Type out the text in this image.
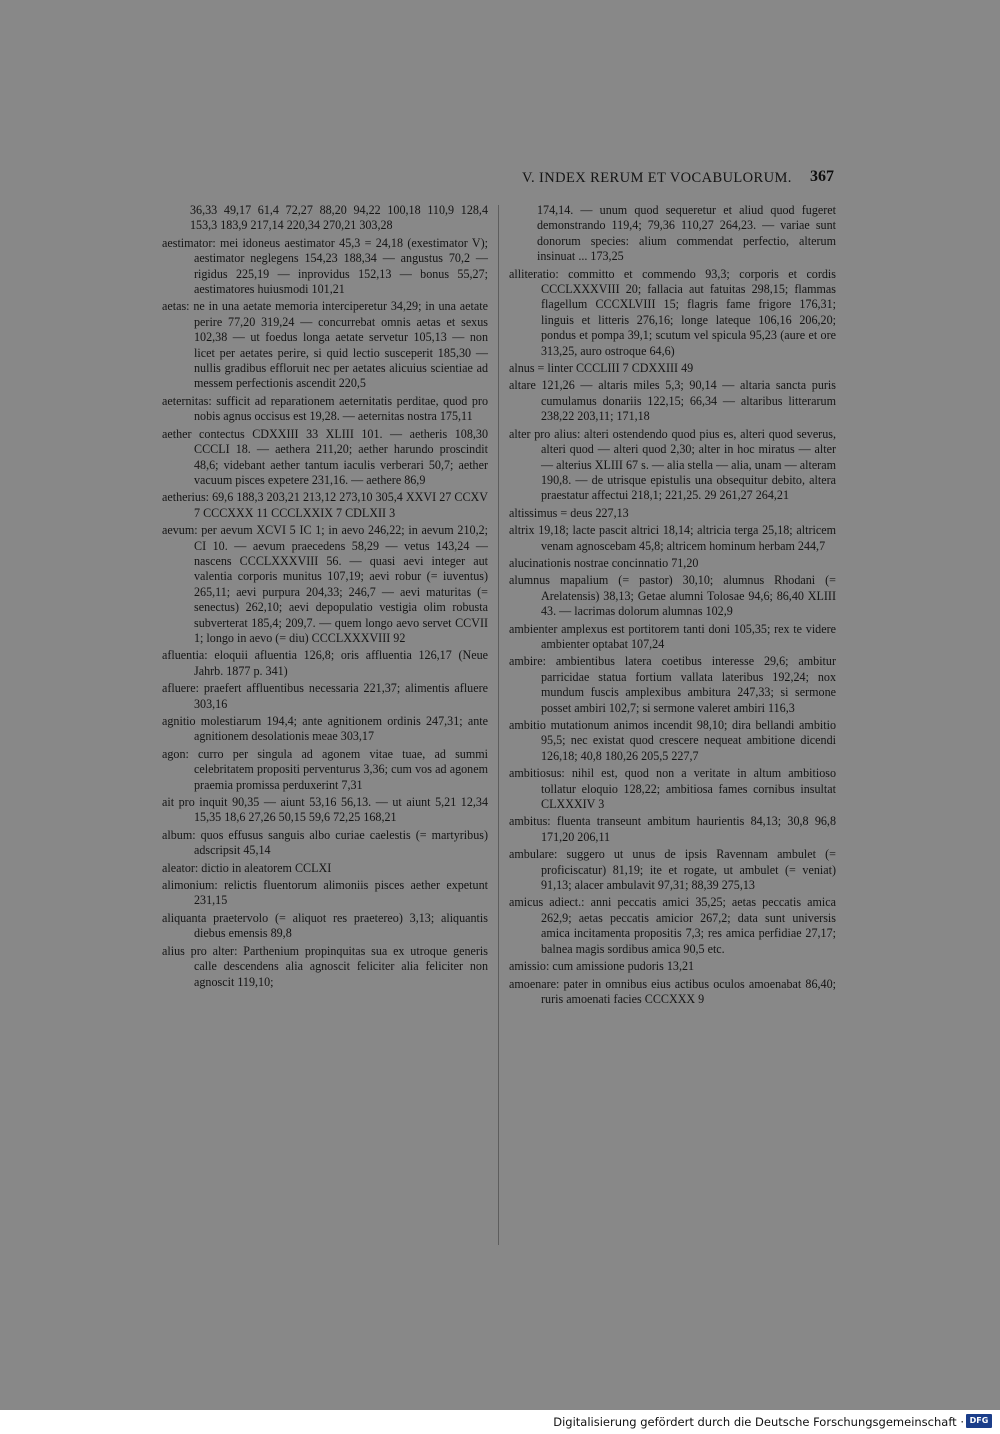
V. INDEX RERUM ET VOCABULORUM. 367

36,33 49,17 61,4 72,27 88,20 94,22 100,18 110,9 128,4 153,3 183,9 217,14 220,34 270,21 303,28

aestimator: mei idoneus aestimator 45,3 = 24,18 (exestimator V); aestimator neglegens 154,23 188,34 — angustus 70,2 — rigidus 225,19 — inprovidus 152,13 — bonus 55,27; aestimatores huiusmodi 101,21

aetas: ne in una aetate memoria interciperetur 34,29; in una aetate perire 77,20 319,24 — concurrebat omnis aetas et sexus 102,38 — ut foedus longa aetate servetur 105,13 — non licet per aetates perire, si quid lectio susceperit 185,30 — nullis gradibus effloruit nec per aetates alicuius scientiae ad messem perfectionis ascendit 220,5

aeternitas: sufficit ad reparationem aeternitatis perditae, quod pro nobis agnus occisus est 19,28. — aeternitas nostra 175,11

aether contectus CDXXIII 33 XLIII 101. — aetheris 108,30 CCCLI 18. — aethera 211,20; aether harundo proscindit 48,6; videbant aether tantum iaculis verberari 50,7; aether vacuum pisces expetere 231,16. — aethere 86,9

aetherius: 69,6 188,3 203,21 213,12 273,10 305,4 XXVI 27 CCXV 7 CCCXXX 11 CCCLXXIX 7 CDLXII 3

aevum: per aevum XCVI 5 IC 1; in aevo 246,22; in aevum 210,2; CI 10. — aevum praecedens 58,29 — vetus 143,24 — nascens CCCLXXXVIII 56. — quasi aevi integer aut valentia corporis munitus 107,19; aevi robur (= iuventus) 265,11; aevi purpura 204,33; 246,7 — aevi maturitas (= senectus) 262,10; aevi depopulatio vestigia olim robusta subverterat 185,4; 209,7. — quem longo aevo servet CCVII 1; longo in aevo (= diu) CCCLXXXVIII 92

afluentia: eloquii afluentia 126,8; oris affluentia 126,17 (Neue Jahrb. 1877 p. 341)

afluere: praefert affluentibus necessaria 221,37; alimentis afluere 303,16

agnitio molestiarum 194,4; ante agnitionem ordinis 247,31; ante agnitionem desolationis meae 303,17

agon: curro per singula ad agonem vitae tuae, ad summi celebritatem propositi perventurus 3,36; cum vos ad agonem praemia promissa perduxerint 7,31

ait pro inquit 90,35 — aiunt 53,16 56,13. — ut aiunt 5,21 12,34 15,35 18,6 27,26 50,15 59,6 72,25 168,21

album: quos effusus sanguis albo curiae caelestis (= martyribus) adscripsit 45,14

aleator: dictio in aleatorem CCLXI

alimonium: relictis fluentorum alimoniis pisces aether expetunt 231,15

aliquanta praetervolo (= aliquot res praetereo) 3,13; aliquantis diebus emensis 89,8

alius pro alter: Parthenium propinquitas sua ex utroque generis calle descendens alia agnoscit feliciter alia feliciter non agnoscit 119,10;

174,14. — unum quod sequeretur et aliud quod fugeret demonstrando 119,4; 79,36 110,27 264,23. — variae sunt donorum species: alium commendat perfectio, alterum insinuat ... 173,25

alliteratio: committo et commendo 93,3; corporis et cordis CCCLXXXVIII 20; fallacia aut fatuitas 298,15; flammas flagellum CCCXLVIII 15; flagris fame frigore 176,31; linguis et litteris 276,16; longe lateque 106,16 206,20; pondus et pompa 39,1; scutum vel spicula 95,23 (aure et ore 313,25, auro ostroque 64,6)

alnus = linter CCCLIII 7 CDXXIII 49

altare 121,26 — altaris miles 5,3; 90,14 — altaria sancta puris cumulamus donariis 122,15; 66,34 — altaribus litterarum 238,22 203,11; 171,18

alter pro alius: alteri ostendendo quod pius es, alteri quod severus, alteri quod — alteri quod 2,30; alter in hoc miratus — alter — alterius XLIII 67 s. — alia stella — alia, unam — alteram 190,8. — de utrisque epistulis una obsequitur debito, altera praestatur affectui 218,1; 221,25. 29 261,27 264,21

altissimus = deus 227,13

altrix 19,18; lacte pascit altrici 18,14; altricia terga 25,18; altricem venam agnoscebam 45,8; altricem hominum herbam 244,7

alucinationis nostrae concinnatio 71,20

alumnus mapalium (= pastor) 30,10; alumnus Rhodani (= Arelatensis) 38,13; Getae alumni Tolosae 94,6; 86,40 XLIII 43. — lacrimas dolorum alumnas 102,9

ambienter amplexus est portitorem tanti doni 105,35; rex te videre ambienter optabat 107,24

ambire: ambientibus latera coetibus interesse 29,6; ambitur parricidae statua fortium vallata lateribus 192,24; nox mundum fuscis amplexibus ambitura 247,33; si sermone posset ambiri 102,7; si sermone valeret ambiri 116,3

ambitio mutationum animos incendit 98,10; dira bellandi ambitio 95,5; nec existat quod crescere nequeat ambitione dicendi 126,18; 40,8 180,26 205,5 227,7

ambitiosus: nihil est, quod non a veritate in altum ambitioso tollatur eloquio 128,22; ambitiosa fames cornibus insultat CLXXXIV 3

ambitus: fluenta transeunt ambitum haurientis 84,13; 30,8 96,8 171,20 206,11

ambulare: suggero ut unus de ipsis Ravennam ambulet (= proficiscatur) 81,19; ite et rogate, ut ambulet (= veniat) 91,13; alacer ambulavit 97,31; 88,39 275,13

amicus adiect.: anni peccatis amici 35,25; aetas peccatis amica 262,9; aetas peccatis amicior 267,2; data sunt universis amica incitamenta propositis 7,3; res amica perfidiae 27,17; balnea magis sordibus amica 90,5 etc.

amissio: cum amissione pudoris 13,21

amoenare: pater in omnibus eius actibus oculos amoenabat 86,40; ruris amoenati facies CCCXXX 9

Digitalisierung gefördert durch die Deutsche Forschungsgemeinschaft · DFG
